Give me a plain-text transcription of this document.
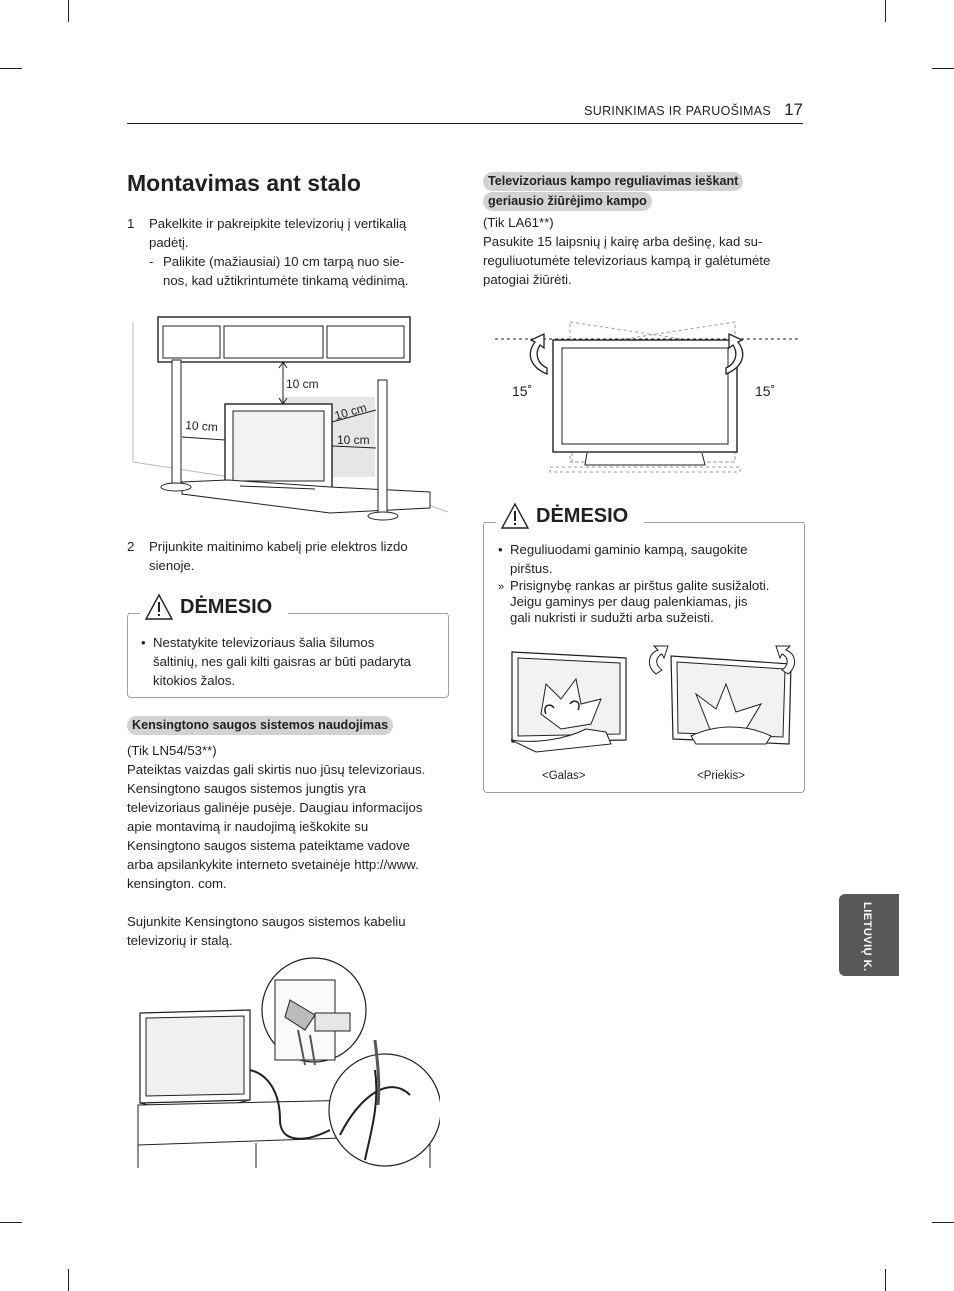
SURINKIMAS IR PARUOŠIMAS 17
Montavimas ant stalo
1 Pakelkite ir pakreipkite televizorių į vertikalią
padėtį.
- Palikite (mažiausiai) 10 cm tarpą nuo sie-
nos, kad užtikrintumėte tinkamą vėdinimą.
10 cm
10 cm
10 cm
10 cm
2 Prijunkite maitinimo kabelį prie elektros lizdo
sienoje.
DĖMESIO
• Nestatykite televizoriaus šalia šilumos
šaltinių, nes gali kilti gaisras ar būti padaryta
kitokios žalos.
Kensingtono saugos sistemos naudojimas

(Tik LN54/53**)

Pateiktas vaizdas gali skirtis nuo jūsų televizoriaus.
Kensingtono saugos sistemos jungtis yra
televizoriaus galinėje pusėje. Daugiau informacijos
apie montavimą ir naudojimą ieškokite su
Kensingtono saugos sistema pateiktame vadove
arba apsilankykite interneto svetainėje http://www.
kensington. com.

Sujunkite Kensingtono saugos sistemos kabeliu
televizorių ir stalą.

Televizoriaus kampo reguliavimas ieškant
geriausio žiūrėjimo kampo

(Tik LA61**)

Pasukite 15 laipsnių į kairę arba dešinę, kad su-
reguliuotumėte televizoriaus kampą ir galėtumėte
patogiai žiūrėti.

15˚	15˚
DĖMESIO
• Reguliuodami gaminio kampą, saugokite
pirštus.
» Prisignybę rankas ar pirštus galite susižaloti.
Jeigu gaminys per daug palenkiamas, jis
gali nukristi ir sudužti arba sužeisti.
<Galas>	<Priekis>
LIETUVIŲ K.
